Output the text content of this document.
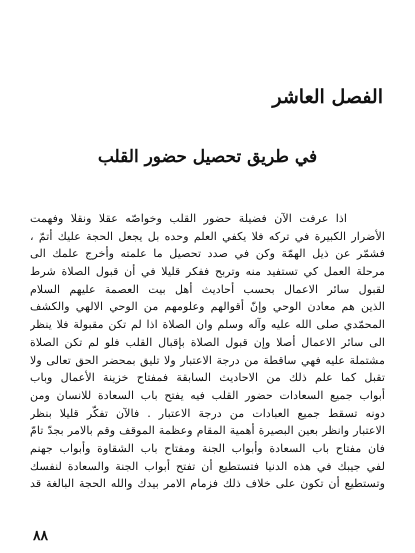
الفصل العاشر
في طريق تحصيل حضور القلب
اذا عرفت الآن فضيلة حضور القلب وخواصّه عقلا ونقلا وفهمت
الأضرار الكبيرة في تركه فلا يكفي العلم وحده بل يجعل الحجة عليك أتمّ ،
فشمّر عن ذيل الهمّة وكن في صدد تحصيل ما علمته وأخرج علمك الى
مرحلة العمل كي تستفيد منه وتربح ففكر قليلا في أن قبول الصلاة شرط
لقبول سائر الاعمال بحسب أحاديث أهل بيت العصمة عليهم السلام
الذين هم معادن الوحي وإنّ أقوالهم وعلومهم من الوحي الالهي والكشف
المحمّدي صلى الله عليه وآله وسلم وان الصلاة اذا لم تكن مقبولة فلا ينظر
الى سائر الاعمال أصلا وإن قبول الصلاة بإقبال القلب فلو لم تكن الصلاة
مشتملة عليه فهي ساقطة من درجة الاعتبار ولا تليق بمحضر الحق تعالى ولا
تقبل كما علم ذلك من الاحاديث السابقة فمفتاح خزينة الأعمال وباب
أبواب جميع السعادات حضور القلب فيه يفتح باب السعادة للانسان ومن
دونه تسقط جميع العبادات من درجة الاعتبار . فالآن تفكّر قليلا بنظر
الاعتبار وانظر بعين البصيرة أهمية المقام وعظمة الموقف وقم بالامر بجدّ تامّ
فان مفتاح باب السعادة وأبواب الجنة ومفتاح باب الشقاوة وأبواب جهنم
لفي جيبك في هذه الدنيا فتستطيع أن تفتح أبواب الجنة والسعادة لنفسك
وتستطيع أن تكون على خلاف ذلك فزمام الامر بيدك والله الحجة البالغة قد
٨٨
